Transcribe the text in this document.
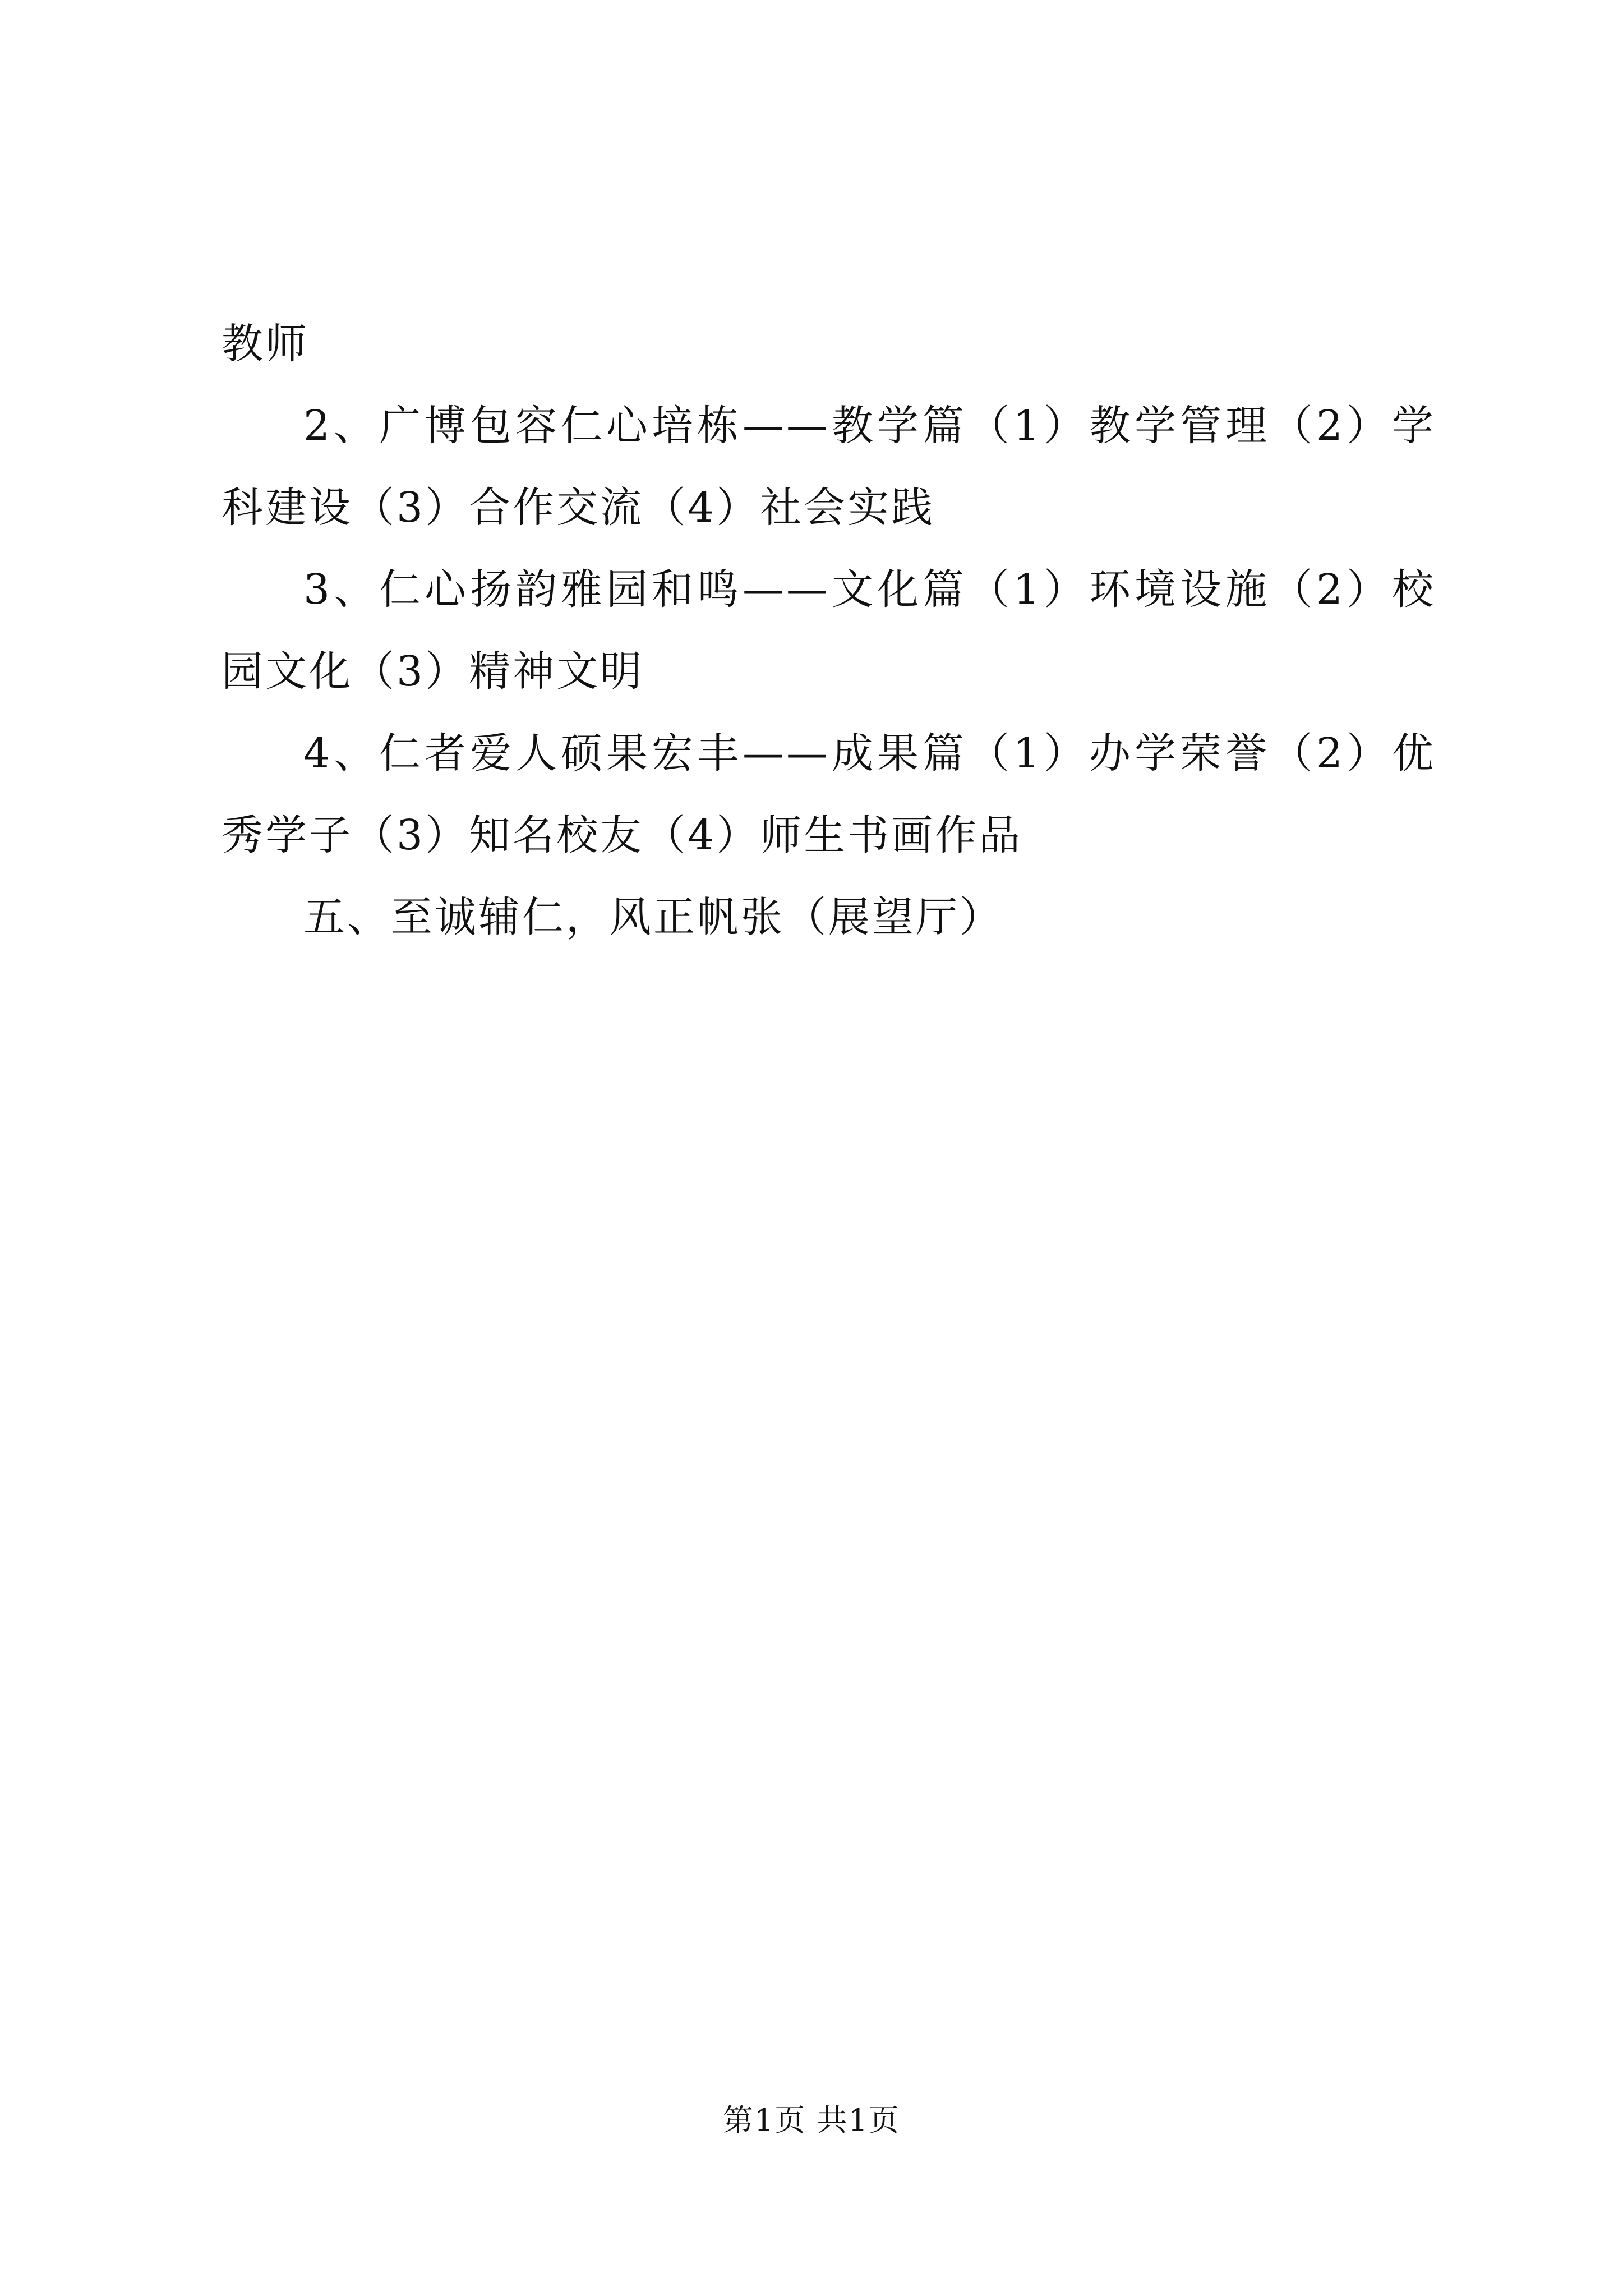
教师

2、广博包容仁心培栋——教学篇（1）教学管理（2）学科建设（3）合作交流（4）社会实践

3、仁心扬韵雅园和鸣——文化篇（1）环境设施（2）校园文化（3）精神文明

4、仁者爱人硕果宏丰——成果篇（1）办学荣誉（2）优秀学子（3）知名校友（4）师生书画作品

五、至诚辅仁，风正帆张（展望厅）

第1页 共1页
